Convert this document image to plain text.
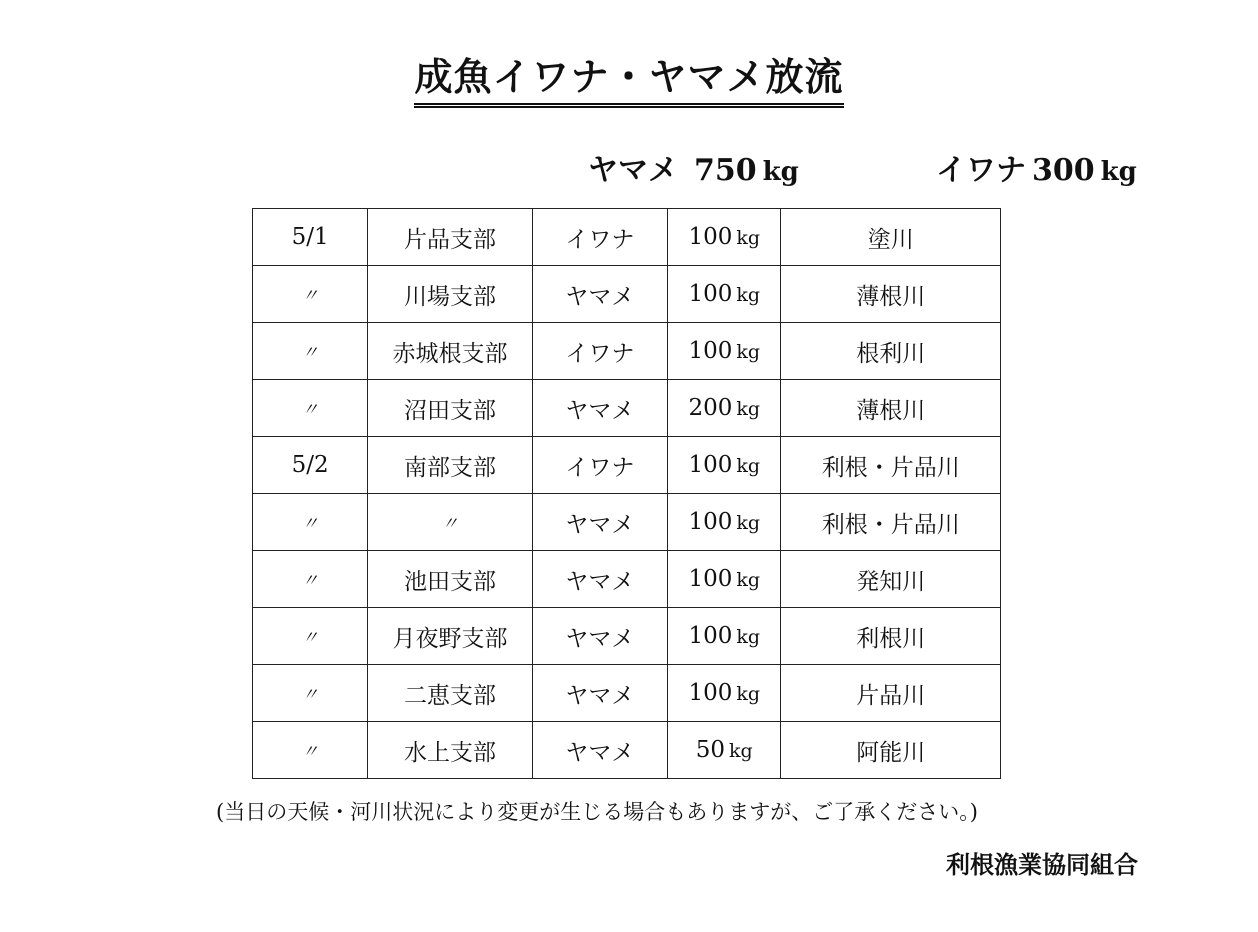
成魚イワナ・ヤマメ放流
ヤマメ 750 kg	イワナ 300 kg
5/1	片品支部	イワナ	100 kg	塗川
〃	川場支部	ヤマメ	100 kg	薄根川
〃	赤城根支部	イワナ	100 kg	根利川
〃	沼田支部	ヤマメ	200 kg	薄根川
5/2	南部支部	イワナ	100 kg	利根・片品川
〃	〃	ヤマメ	100 kg	利根・片品川
〃	池田支部	ヤマメ	100 kg	発知川
〃	月夜野支部	ヤマメ	100 kg	利根川
〃	二恵支部	ヤマメ	100 kg	片品川
〃	水上支部	ヤマメ	50 kg	阿能川
(当日の天候・河川状況により変更が生じる場合もありますが、ご了承ください。)
利根漁業協同組合
